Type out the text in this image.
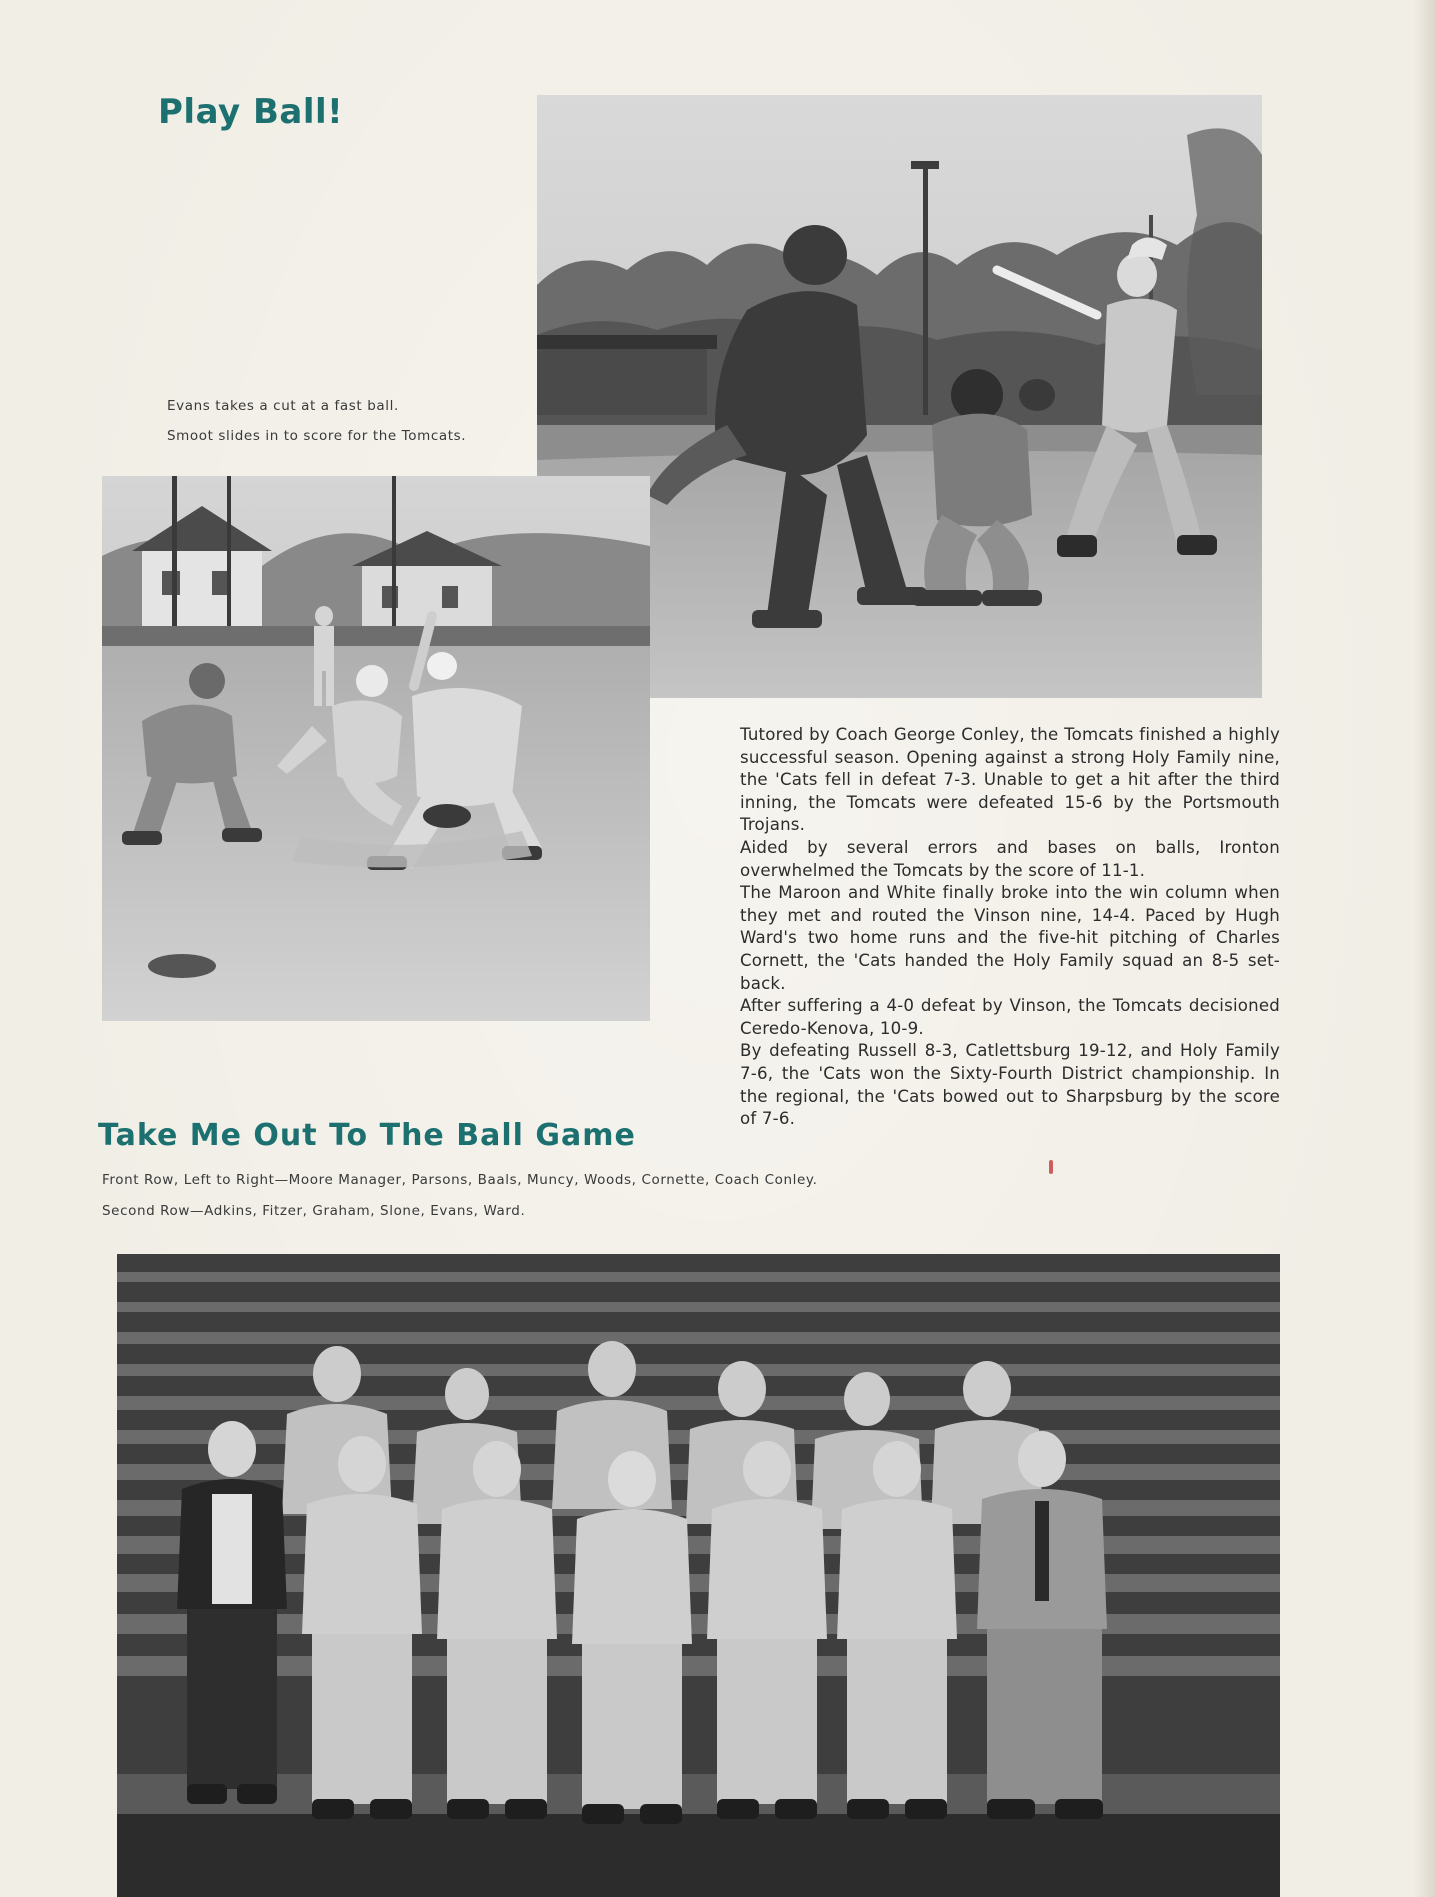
Play Ball!

Evans takes a cut at a fast ball.

Smoot slides in to score for the Tomcats.

Tutored by Coach George Conley, the Tomcats finished a highly successful season. Opening against a strong Holy Family nine, the 'Cats fell in defeat 7-3. Unable to get a hit after the third inning, the Tomcats were defeated 15-6 by the Portsmouth Trojans.

Aided by several errors and bases on balls, Ironton overwhelmed the Tomcats by the score of 11-1.

The Maroon and White finally broke into the win column when they met and routed the Vinson nine, 14-4. Paced by Hugh Ward's two home runs and the five-hit pitching of Charles Cornett, the 'Cats handed the Holy Family squad an 8-5 set-back.

After suffering a 4-0 defeat by Vinson, the Tomcats decisioned Ceredo-Kenova, 10-9.

By defeating Russell 8-3, Catlettsburg 19-12, and Holy Family 7-6, the 'Cats won the Sixty-Fourth District championship. In the regional, the 'Cats bowed out to Sharpsburg by the score of 7-6.

Take Me Out To The Ball Game

Front Row, Left to Right—Moore Manager, Parsons, Baals, Muncy, Woods, Cornette, Coach Conley.

Second Row—Adkins, Fitzer, Graham, Slone, Evans, Ward.
